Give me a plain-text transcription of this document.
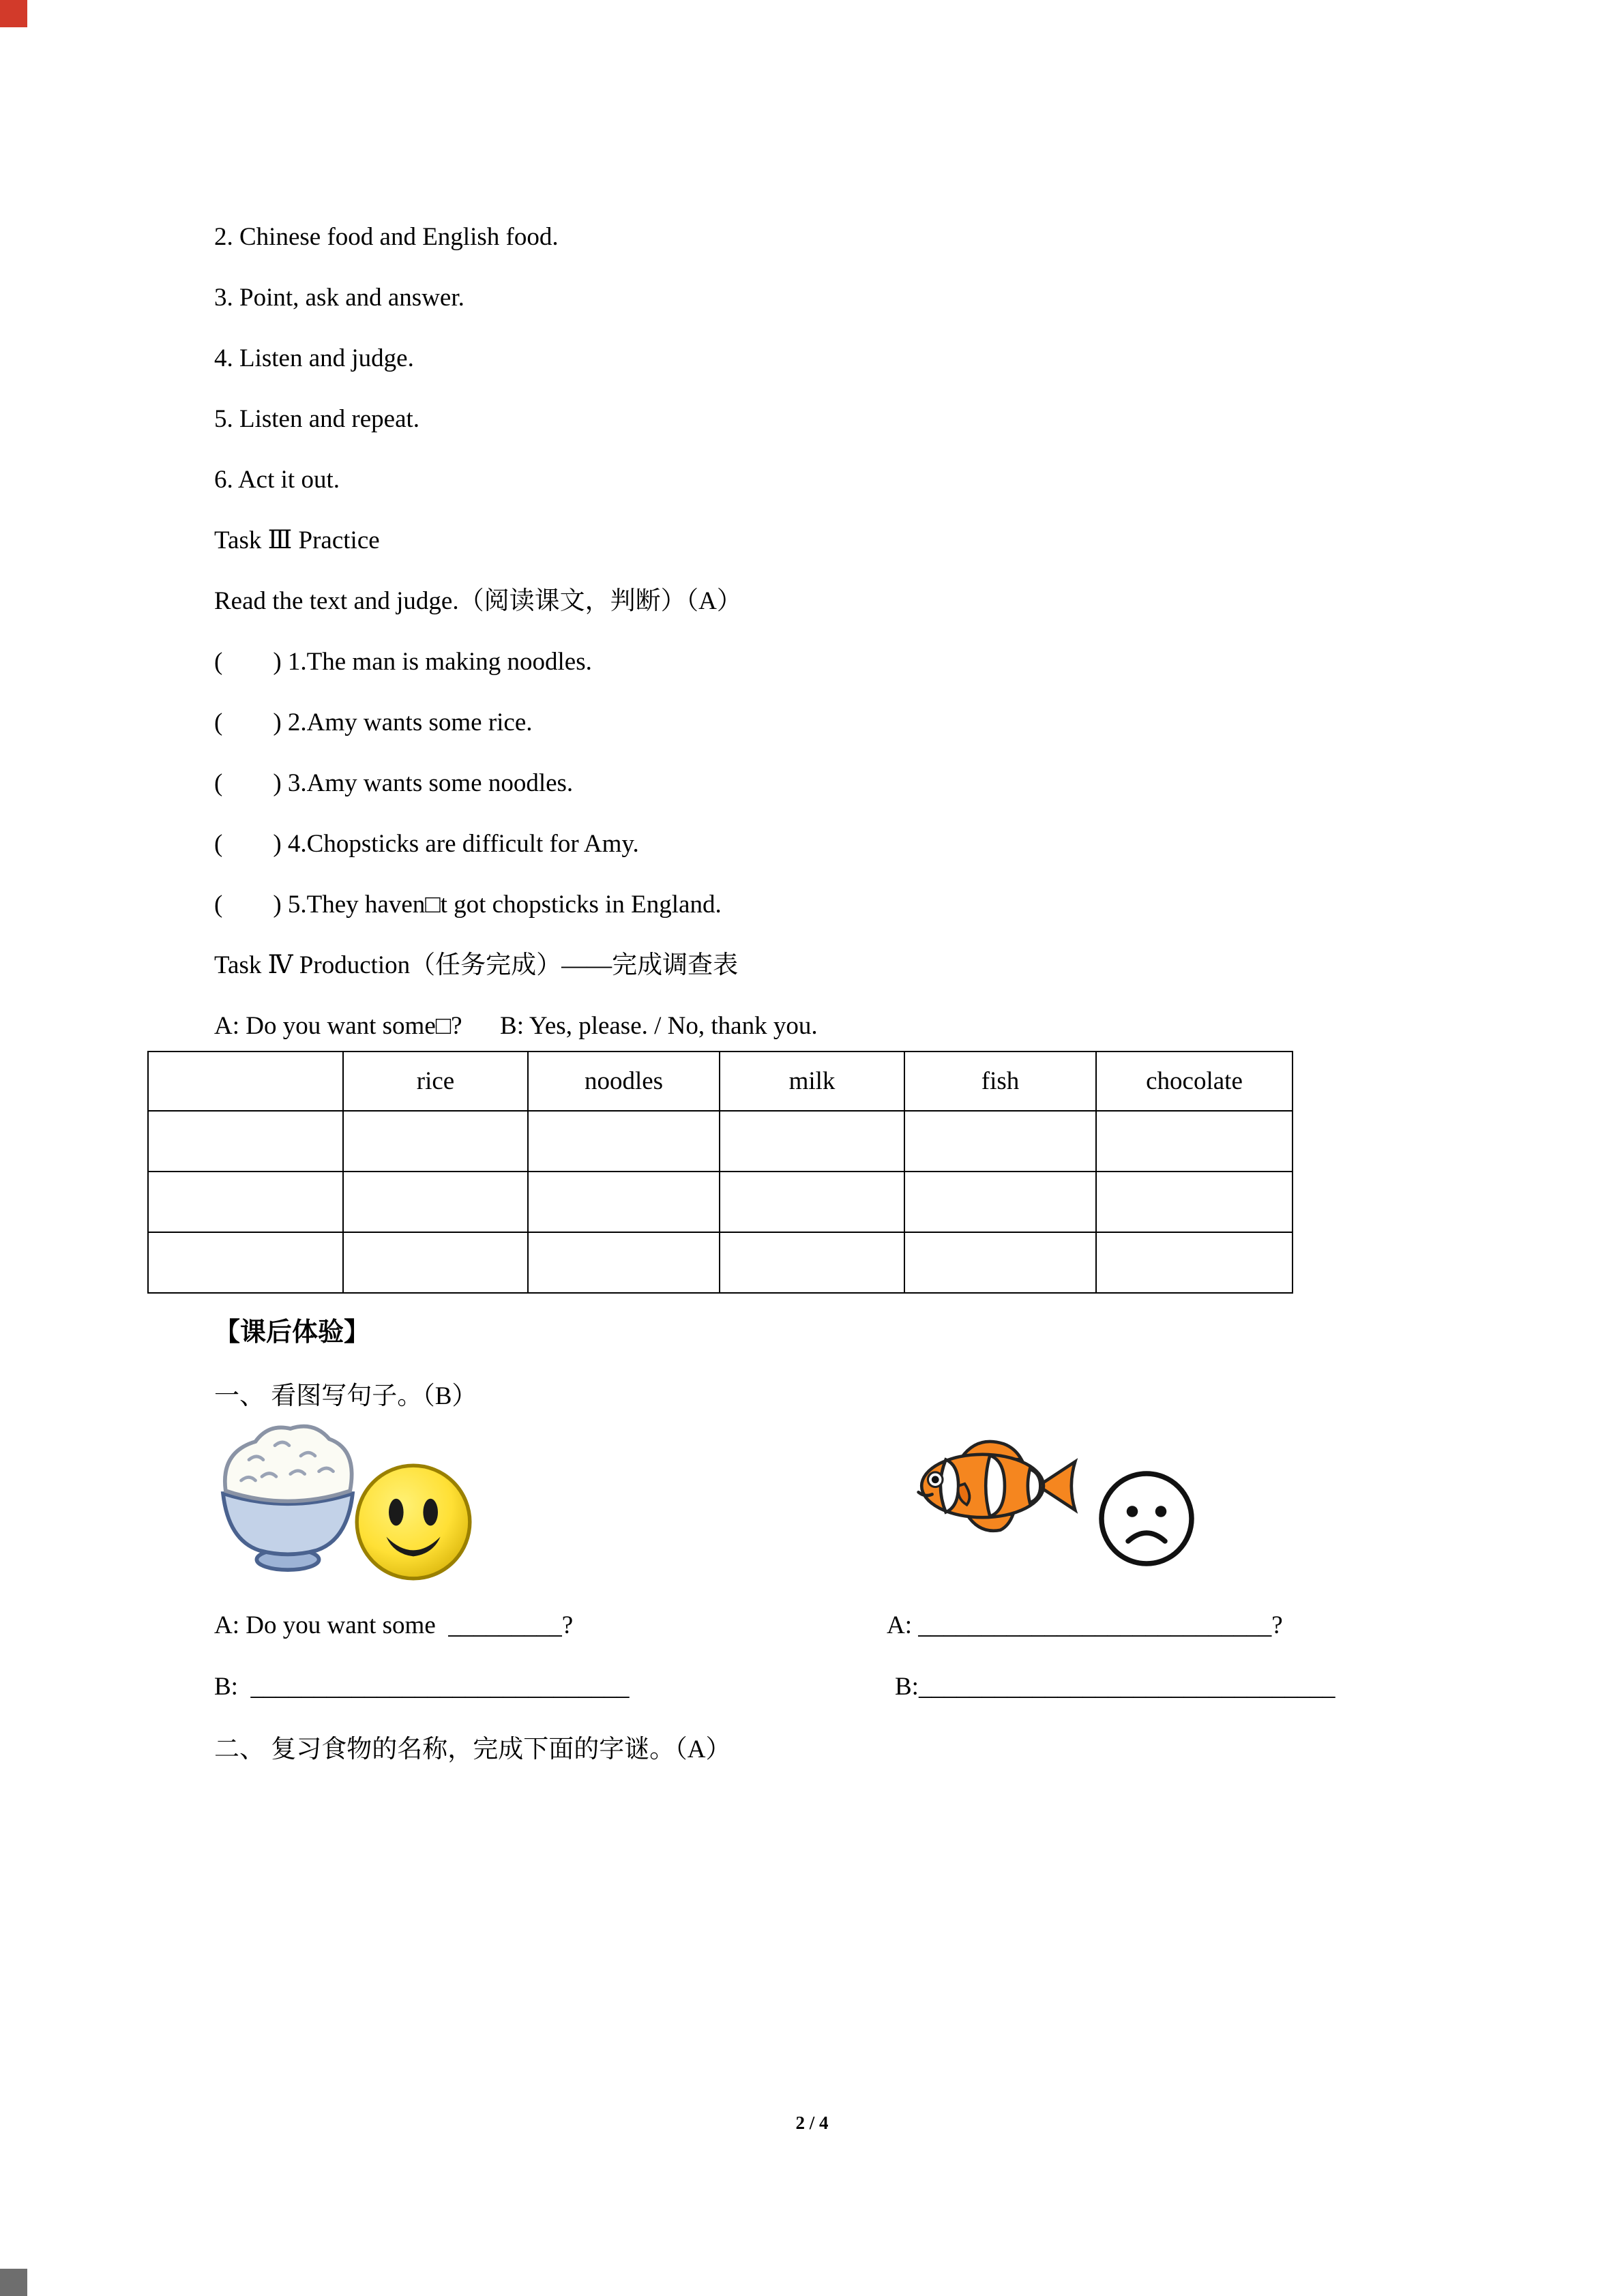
2. Chinese food and English food.

3. Point, ask and answer.

4. Listen and judge.

5. Listen and repeat.

6. Act it out.

Task Ⅲ Practice

Read the text and judge.（阅读课文，判断）（A）

(        ) 1.The man is making noodles.

(        ) 2.Amy wants some rice.

(        ) 3.Amy wants some noodles.

(        ) 4.Chopsticks are difficult for Amy.

(        ) 5.They haven□t got chopsticks in England.

Task Ⅳ Production（任务完成）——完成调查表

A: Do you want some□?      B: Yes, please. / No, thank you.

	rice	noodles	milk	fish	chocolate

【课后体验】
一、 看图写句子。（B）
A: Do you want some  _________?	A: ____________________________?
B:  ______________________________	B:_________________________________
二、 复习食物的名称，完成下面的字谜。（A）
2 / 4
